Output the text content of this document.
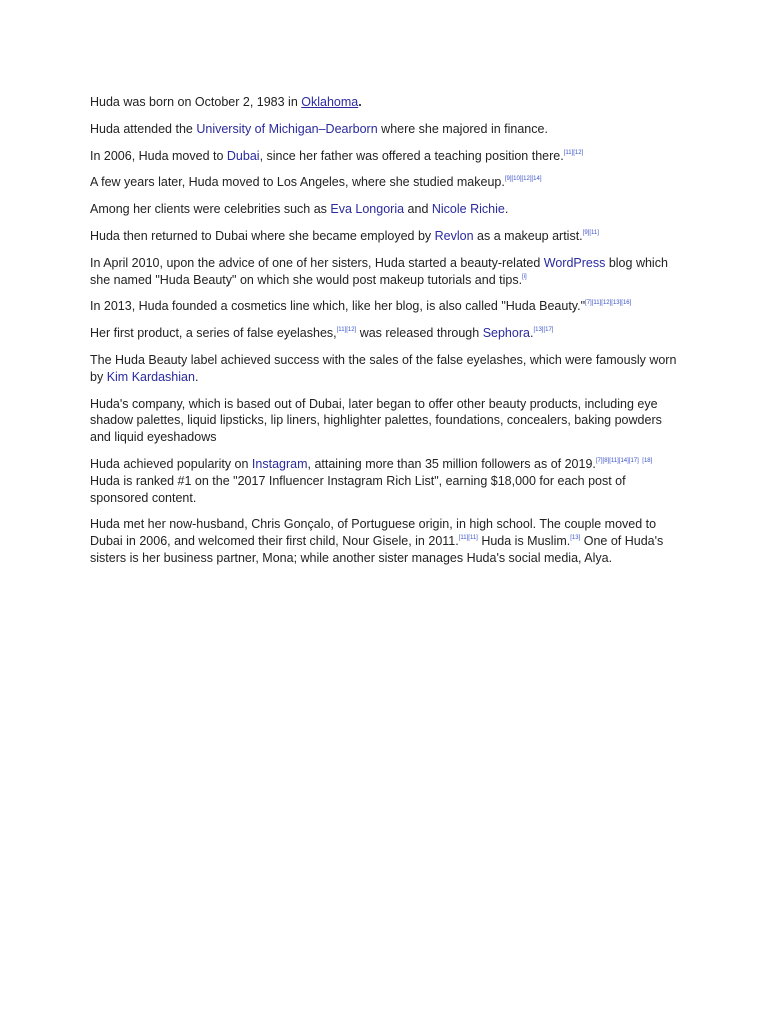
Huda was born on October 2, 1983 in Oklahoma.

Huda attended the University of Michigan–Dearborn where she majored in finance.

In 2006, Huda moved to Dubai, since her father was offered a teaching position there.[11][12]

A few years later, Huda moved to Los Angeles, where she studied makeup.[9][10][12][14]

Among her clients were celebrities such as Eva Longoria and Nicole Richie.

Huda then returned to Dubai where she became employed by Revlon as a makeup artist.[9][11]

In April 2010, upon the advice of one of her sisters, Huda started a beauty-related WordPress blog which she named "Huda Beauty" on which she would post makeup tutorials and tips.[i]

In 2013, Huda founded a cosmetics line which, like her blog, is also called "Huda Beauty."[7][11][12][13][16]

Her first product, a series of false eyelashes,[11][12] was released through Sephora.[13][17]

The Huda Beauty label achieved success with the sales of the false eyelashes, which were famously worn by Kim Kardashian.

Huda's company, which is based out of Dubai, later began to offer other beauty products, including eye shadow palettes, liquid lipsticks, lip liners, highlighter palettes, foundations, concealers, baking powders and liquid eyeshadows

Huda achieved popularity on Instagram, attaining more than 35 million followers as of 2019.[7][8][11][14][17] [18] Huda is ranked #1 on the "2017 Influencer Instagram Rich List", earning $18,000 for each post of sponsored content.

Huda met her now-husband, Chris Gonçalo, of Portuguese origin, in high school. The couple moved to Dubai in 2006, and welcomed their first child, Nour Gisele, in 2011.[11][11] Huda is Muslim.[13] One of Huda's sisters is her business partner, Mona; while another sister manages Huda's social media, Alya.
